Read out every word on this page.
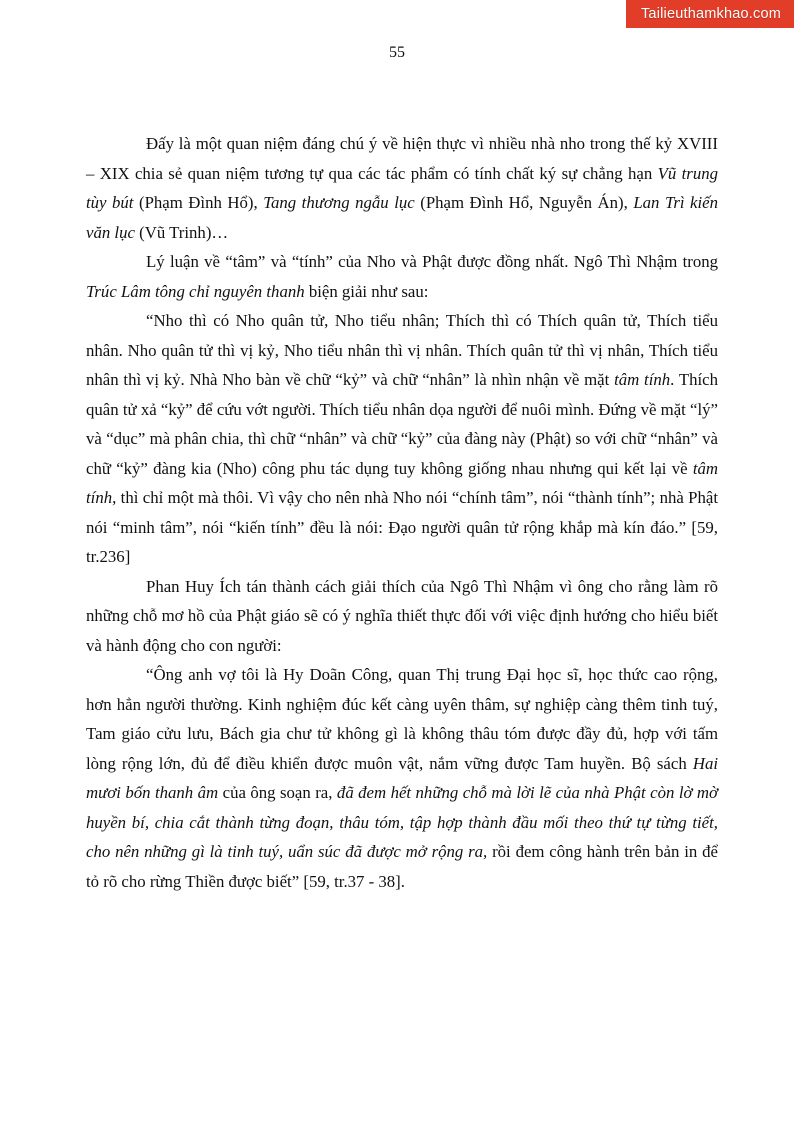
Tailieuthamkhao.com
55

Đấy là một quan niệm đáng chú ý về hiện thực vì nhiều nhà nho trong thế kỷ XVIII – XIX chia sẻ quan niệm tương tự qua các tác phẩm có tính chất ký sự chẳng hạn Vũ trung tùy bút (Phạm Đình Hổ), Tang thương ngẫu lục (Phạm Đình Hổ, Nguyễn Án), Lan Trì kiến văn lục (Vũ Trinh)…

Lý luận về “tâm” và “tính” của Nho và Phật được đồng nhất. Ngô Thì Nhậm trong Trúc Lâm tông chỉ nguyên thanh biện giải như sau:

“Nho thì có Nho quân tử, Nho tiểu nhân; Thích thì có Thích quân tử, Thích tiểu nhân. Nho quân tử thì vị kỷ, Nho tiểu nhân thì vị nhân. Thích quân tử thì vị nhân, Thích tiểu nhân thì vị kỷ. Nhà Nho bàn về chữ “kỷ” và chữ “nhân” là nhìn nhận về mặt tâm tính. Thích quân tử xả “kỷ” để cứu vớt người. Thích tiểu nhân dọa người để nuôi mình. Đứng về mặt “lý” và “dục” mà phân chia, thì chữ “nhân” và chữ “kỷ” của đàng này (Phật) so với chữ “nhân” và chữ “kỷ” đàng kia (Nho) công phu tác dụng tuy không giống nhau nhưng qui kết lại về tâm tính, thì chỉ một mà thôi. Vì vậy cho nên nhà Nho nói “chính tâm”, nói “thành tính”; nhà Phật nói “minh tâm”, nói “kiến tính” đều là nói: Đạo người quân tử rộng khắp mà kín đáo.” [59, tr.236]

Phan Huy Ích tán thành cách giải thích của Ngô Thì Nhậm vì ông cho rằng làm rõ những chỗ mơ hồ của Phật giáo sẽ có ý nghĩa thiết thực đối với việc định hướng cho hiểu biết và hành động cho con người:

“Ông anh vợ tôi là Hy Doãn Công, quan Thị trung Đại học sĩ, học thức cao rộng, hơn hẳn người thường. Kinh nghiệm đúc kết càng uyên thâm, sự nghiệp càng thêm tinh tuý, Tam giáo cửu lưu, Bách gia chư tử không gì là không thâu tóm được đầy đủ, hợp với tấm lòng rộng lớn, đủ để điều khiển được muôn vật, nắm vững được Tam huyền. Bộ sách Hai mươi bốn thanh âm của ông soạn ra, đã đem hết những chỗ mà lời lẽ của nhà Phật còn lờ mờ huyền bí, chia cắt thành từng đoạn, thâu tóm, tập hợp thành đầu mối theo thứ tự từng tiết, cho nên những gì là tinh tuý, uẩn súc đã được mở rộng ra, rồi đem công hành trên bản in để tỏ rõ cho rừng Thiền được biết” [59, tr.37 - 38].
